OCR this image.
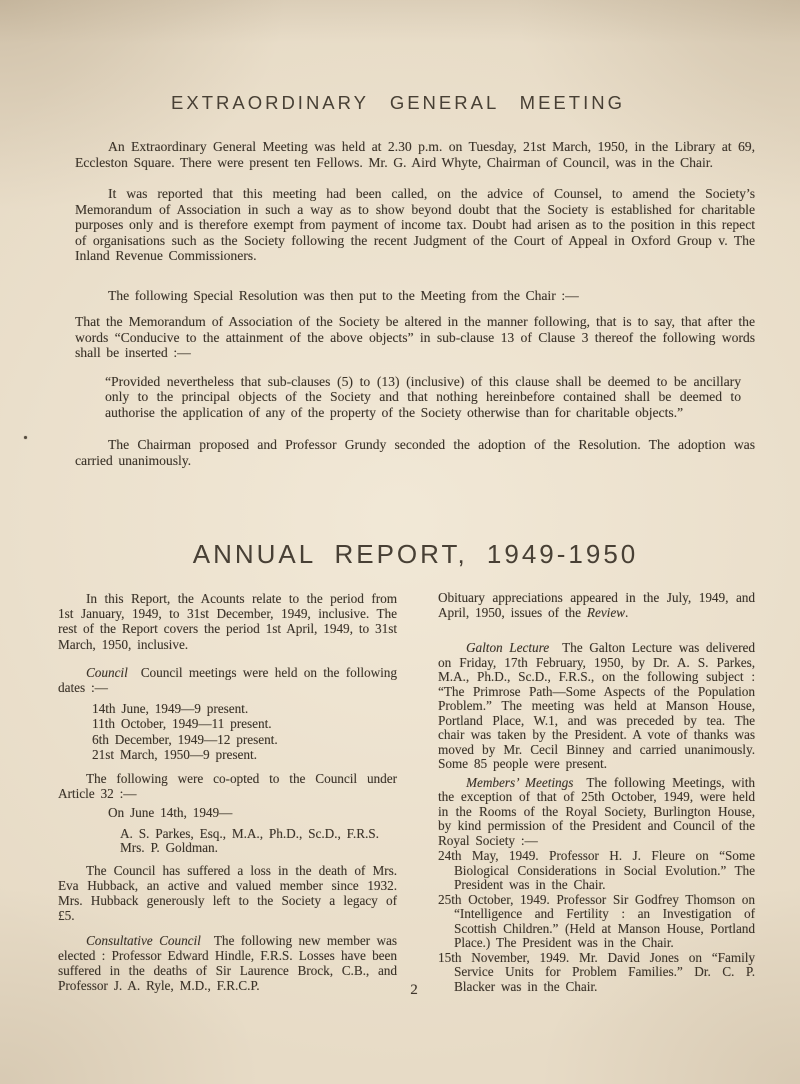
EXTRAORDINARY GENERAL MEETING

An Extraordinary General Meeting was held at 2.30 p.m. on Tuesday, 21st March, 1950, in the Library at 69, Eccleston Square. There were present ten Fellows. Mr. G. Aird Whyte, Chairman of Council, was in the Chair.

It was reported that this meeting had been called, on the advice of Counsel, to amend the Society’s Memorandum of Association in such a way as to show beyond doubt that the Society is established for charitable purposes only and is therefore exempt from payment of income tax. Doubt had arisen as to the position in this repect of organisations such as the Society following the recent Judgment of the Court of Appeal in Oxford Group v. The Inland Revenue Commissioners.

The following Special Resolution was then put to the Meeting from the Chair :—

That the Memorandum of Association of the Society be altered in the manner following, that is to say, that after the words “Conducive to the attainment of the above objects” in sub-clause 13 of Clause 3 thereof the following words shall be inserted :—

“Provided nevertheless that sub-clauses (5) to (13) (inclusive) of this clause shall be deemed to be ancillary only to the principal objects of the Society and that nothing hereinbefore contained shall be deemed to authorise the application of any of the property of the Society otherwise than for charitable objects.”

The Chairman proposed and Professor Grundy seconded the adoption of the Resolution. The adoption was carried unanimously.

ANNUAL REPORT, 1949-1950

In this Report, the Acounts relate to the period from 1st January, 1949, to 31st December, 1949, inclusive. The rest of the Report covers the period 1st April, 1949, to 31st March, 1950, inclusive.

Council Council meetings were held on the following dates :—

14th June, 1949—9 present.
11th October, 1949—11 present.
6th December, 1949—12 present.
21st March, 1950—9 present.

The following were co-opted to the Council under Article 32 :—

On June 14th, 1949—

A. S. Parkes, Esq., M.A., Ph.D., Sc.D., F.R.S.
Mrs. P. Goldman.

The Council has suffered a loss in the death of Mrs. Eva Hubback, an active and valued member since 1932. Mrs. Hubback generously left to the Society a legacy of £5.

Consultative Council The following new member was elected : Professor Edward Hindle, F.R.S. Losses have been suffered in the deaths of Sir Laurence Brock, C.B., and Professor J. A. Ryle, M.D., F.R.C.P.

Obituary appreciations appeared in the July, 1949, and April, 1950, issues of the Review.

Galton Lecture The Galton Lecture was delivered on Friday, 17th February, 1950, by Dr. A. S. Parkes, M.A., Ph.D., Sc.D., F.R.S., on the following subject : “The Primrose Path—Some Aspects of the Population Problem.” The meeting was held at Manson House, Portland Place, W.1, and was preceded by tea. The chair was taken by the President. A vote of thanks was moved by Mr. Cecil Binney and carried unanimously. Some 85 people were present.

Members’ Meetings The following Meetings, with the exception of that of 25th October, 1949, were held in the Rooms of the Royal Society, Burlington House, by kind permission of the President and Council of the Royal Society :—

24th May, 1949. Professor H. J. Fleure on “Some Biological Considerations in Social Evolution.” The President was in the Chair.

25th October, 1949. Professor Sir Godfrey Thomson on “Intelligence and Fertility : an Investigation of Scottish Children.” (Held at Manson House, Portland Place.) The President was in the Chair.

15th November, 1949. Mr. David Jones on “Family Service Units for Problem Families.” Dr. C. P. Blacker was in the Chair.

2
